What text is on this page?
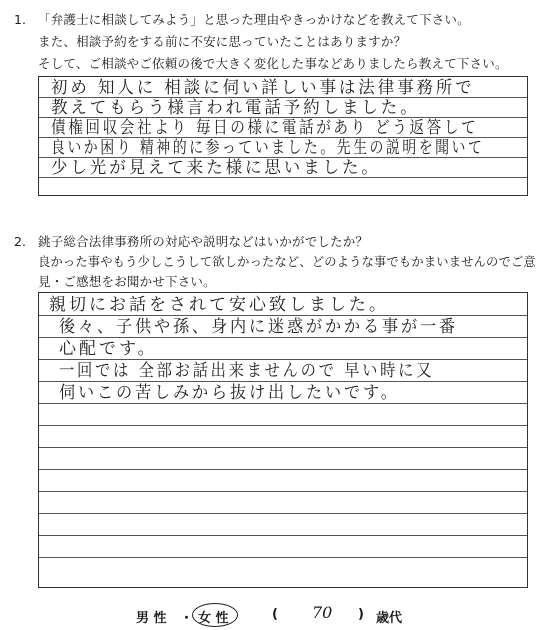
1. 「弁護士に相談してみよう」と思った理由やきっかけなどを教えて下さい。
また、相談予約をする前に不安に思っていたことはありますか？
そして、ご相談やご依頼の後で大きく変化した事などありましたら教えて下さい。
初め 知人に 相談に伺い詳しい事は法律事務所で
教えてもらう様言われ電話予約しました。
債権回収会社より 毎日の様に電話があり どう返答して
良いか困り 精神的に参っていました。先生の説明を聞いて
少し光が見えて来た様に思いました。
2. 銚子総合法律事務所の対応や説明などはいかがでしたか？
良かった事やもう少しこうして欲しかったなど、どのような事でもかまいませんのでご意
見・ご感想をお聞かせ下さい。
親切にお話をされて安心致しました。
後々、子供や孫、身内に迷惑がかかる事が一番
心配です。
一回では 全部お話出来ませんので 早い時に又
伺いこの苦しみから抜け出したいです。
男 性 ・ 女 性	( 70 ) 歳代
